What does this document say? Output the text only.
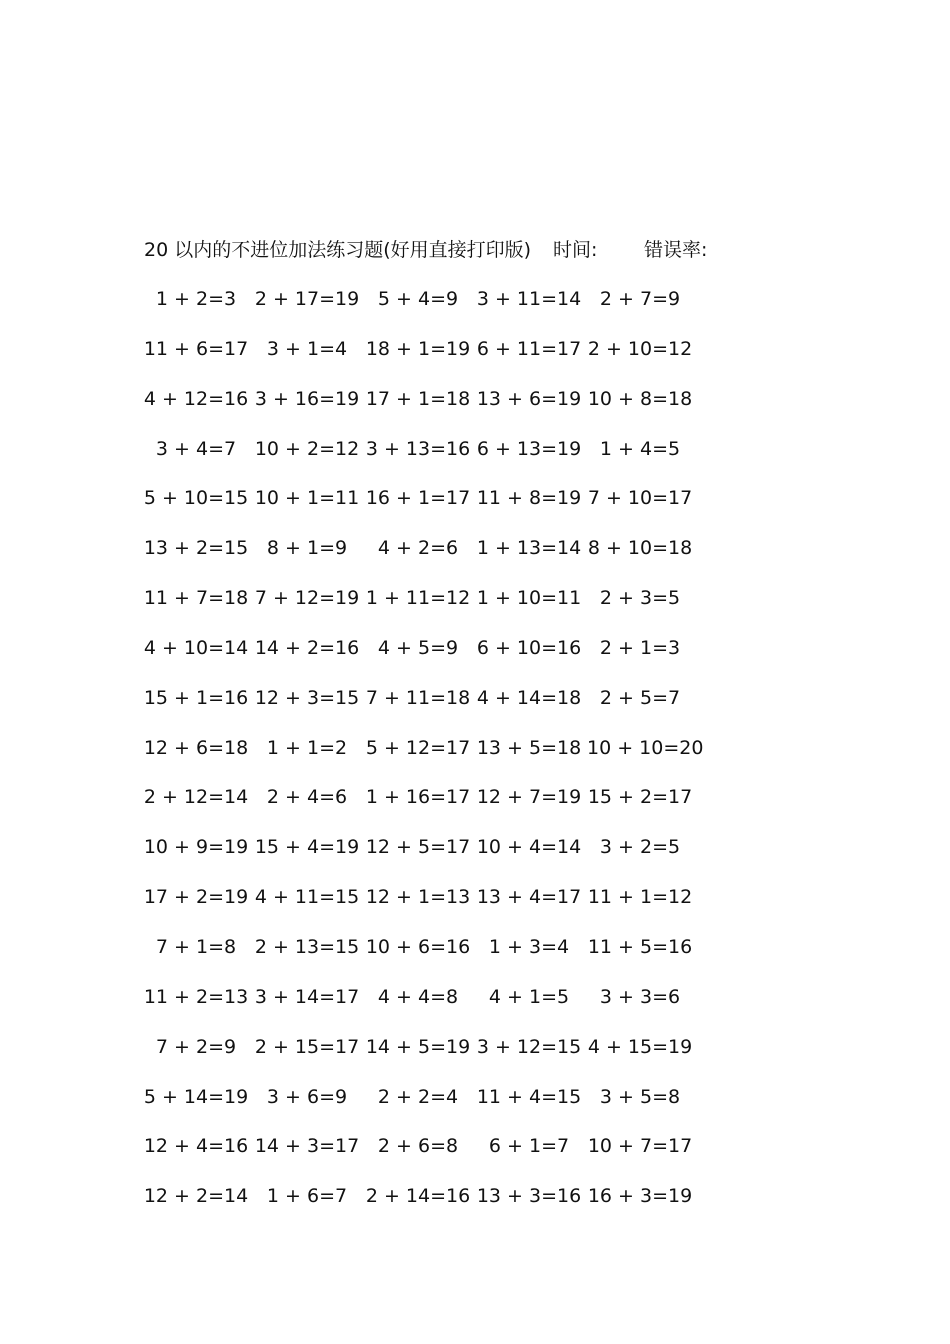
20 以内的不进位加法练习题(好用直接打印版) 时间: 错误率:
1 + 2=3 2 + 17=19 5 + 4=9 3 + 11=14 2 + 7=9
11 + 6=17 3 + 1=4 18 + 1=19 6 + 11=17 2 + 10=12
4 + 12=16 3 + 16=19 17 + 1=18 13 + 6=19 10 + 8=18
3 + 4=7 10 + 2=12 3 + 13=16 6 + 13=19 1 + 4=5
5 + 10=15 10 + 1=11 16 + 1=17 11 + 8=19 7 + 10=17
13 + 2=15 8 + 1=9	4 + 2=6 1 + 13=14 8 + 10=18
11 + 7=18 7 + 12=19 1 + 11=12 1 + 10=11 2 + 3=5
4 + 10=14 14 + 2=16 4 + 5=9 6 + 10=16 2 + 1=3
15 + 1=16 12 + 3=15 7 + 11=18 4 + 14=18 2 + 5=7
12 + 6=18 1 + 1=2 5 + 12=17 13 + 5=18 10 + 10=20
2 + 12=14 2 + 4=6 1 + 16=17 12 + 7=19 15 + 2=17
10 + 9=19 15 + 4=19 12 + 5=17 10 + 4=14 3 + 2=5
17 + 2=19 4 + 11=15 12 + 1=13 13 + 4=17 11 + 1=12
7 + 1=8 2 + 13=15 10 + 6=16 1 + 3=4 11 + 5=16
11 + 2=13 3 + 14=17 4 + 4=8	4 + 1=5	3 + 3=6
7 + 2=9 2 + 15=17 14 + 5=19 3 + 12=15 4 + 15=19
5 + 14=19 3 + 6=9	2 + 2=4 11 + 4=15 3 + 5=8
12 + 4=16 14 + 3=17 2 + 6=8	6 + 1=7 10 + 7=17
12 + 2=14 1 + 6=7 2 + 14=16 13 + 3=16 16 + 3=19
